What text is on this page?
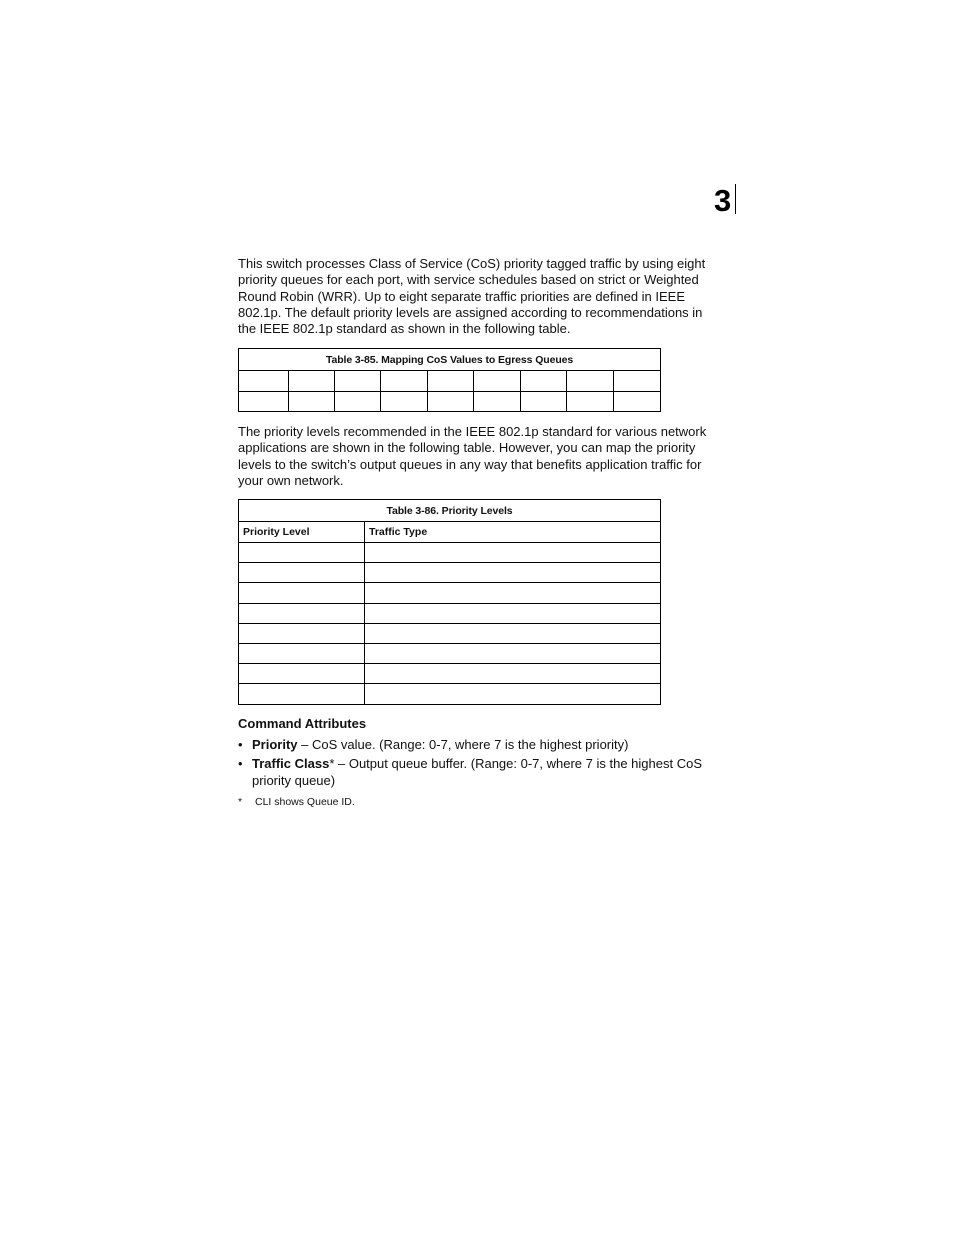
3

This switch processes Class of Service (CoS) priority tagged traffic by using eight priority queues for each port, with service schedules based on strict or Weighted Round Robin (WRR). Up to eight separate traffic priorities are defined in IEEE 802.1p. The default priority levels are assigned according to recommendations in the IEEE 802.1p standard as shown in the following table.

Table 3-85. Mapping CoS Values to Egress Queues								

The priority levels recommended in the IEEE 802.1p standard for various network applications are shown in the following table. However, you can map the priority levels to the switch’s output queues in any way that benefits application traffic for your own network.

Table 3-86. Priority Levels	
Priority Level	Traffic Type

Command Attributes
• Priority – CoS value. (Range: 0-7, where 7 is the highest priority)
• Traffic Class* – Output queue buffer. (Range: 0-7, where 7 is the highest CoS priority queue)
* CLI shows Queue ID.
